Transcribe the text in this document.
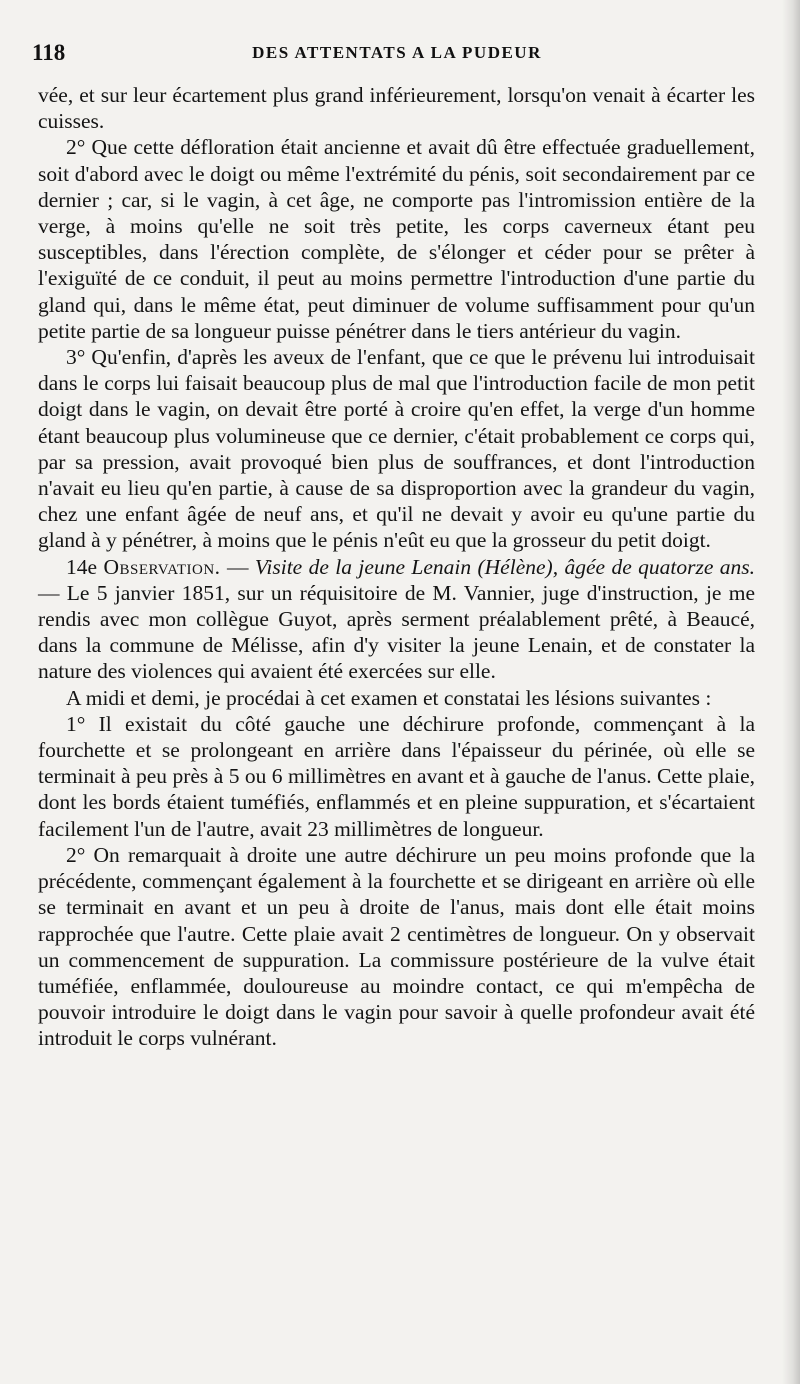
118	DES ATTENTATS A LA PUDEUR

vée, et sur leur écartement plus grand inférieurement, lorsqu'on venait à écarter les cuisses.

2° Que cette défloration était ancienne et avait dû être effectuée graduellement, soit d'abord avec le doigt ou même l'extrémité du pénis, soit secondairement par ce dernier ; car, si le vagin, à cet âge, ne comporte pas l'intromission entière de la verge, à moins qu'elle ne soit très petite, les corps caverneux étant peu susceptibles, dans l'érection complète, de s'élonger et céder pour se prêter à l'exiguïté de ce conduit, il peut au moins permettre l'introduction d'une partie du gland qui, dans le même état, peut diminuer de volume suffisamment pour qu'un petite partie de sa longueur puisse pénétrer dans le tiers antérieur du vagin.

3° Qu'enfin, d'après les aveux de l'enfant, que ce que le prévenu lui introduisait dans le corps lui faisait beaucoup plus de mal que l'introduction facile de mon petit doigt dans le vagin, on devait être porté à croire qu'en effet, la verge d'un homme étant beaucoup plus volumineuse que ce dernier, c'était probablement ce corps qui, par sa pression, avait provoqué bien plus de souffrances, et dont l'introduction n'avait eu lieu qu'en partie, à cause de sa disproportion avec la grandeur du vagin, chez une enfant âgée de neuf ans, et qu'il ne devait y avoir eu qu'une partie du gland à y pénétrer, à moins que le pénis n'eût eu que la grosseur du petit doigt.

14e Observation. — Visite de la jeune Lenain (Hélène), âgée de quatorze ans. — Le 5 janvier 1851, sur un réquisitoire de M. Vannier, juge d'instruction, je me rendis avec mon collègue Guyot, après serment préalablement prêté, à Beaucé, dans la commune de Mélisse, afin d'y visiter la jeune Lenain, et de constater la nature des violences qui avaient été exercées sur elle.

A midi et demi, je procédai à cet examen et constatai les lésions suivantes :

1° Il existait du côté gauche une déchirure profonde, commençant à la fourchette et se prolongeant en arrière dans l'épaisseur du périnée, où elle se terminait à peu près à 5 ou 6 millimètres en avant et à gauche de l'anus. Cette plaie, dont les bords étaient tuméfiés, enflammés et en pleine suppuration, et s'écartaient facilement l'un de l'autre, avait 23 millimètres de longueur.

2° On remarquait à droite une autre déchirure un peu moins profonde que la précédente, commençant également à la fourchette et se dirigeant en arrière où elle se terminait en avant et un peu à droite de l'anus, mais dont elle était moins rapprochée que l'autre. Cette plaie avait 2 centimètres de longueur. On y observait un commencement de suppuration. La commissure postérieure de la vulve était tuméfiée, enflammée, douloureuse au moindre contact, ce qui m'empêcha de pouvoir introduire le doigt dans le vagin pour savoir à quelle profondeur avait été introduit le corps vulnérant.
